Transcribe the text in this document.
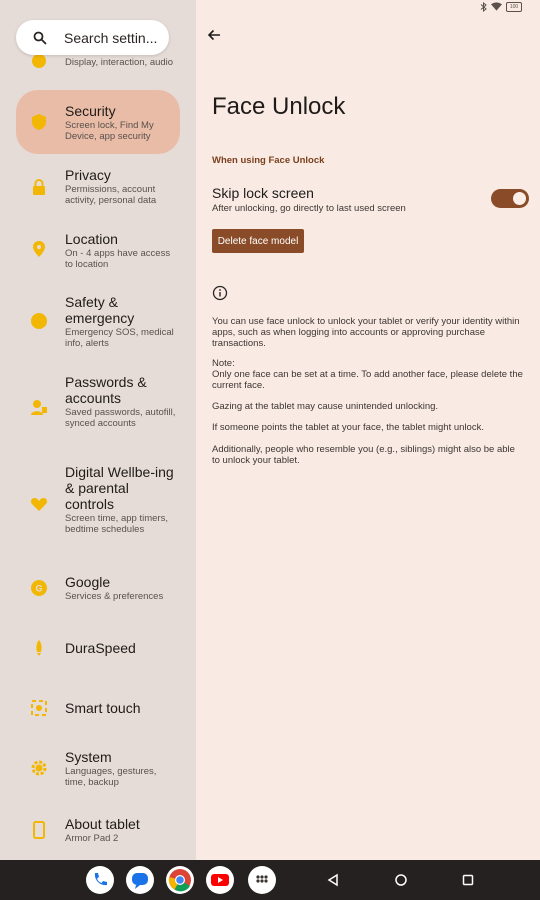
100
Display, interaction, audio
Security
Screen lock, Find My Device, app security
Privacy
Permissions, account activity, personal data
Location
On - 4 apps have access to location
Safety & emergency
Emergency SOS, medical info, alerts
Passwords & accounts
Saved passwords, autofill, synced accounts
Digital Wellbe-ing & parental controls
Screen time, app timers, bedtime schedules
G Google
Services & preferences
DuraSpeed
Smart touch
System
Languages, gestures, time, backup
About tablet
Armor Pad 2
Search settin...
Face Unlock
When using Face Unlock
Skip lock screen
After unlocking, go directly to last used screen
Delete face model
You can use face unlock to unlock your tablet or verify your identity within apps, such as when logging into accounts or approving purchase transactions.
Note:
Only one face can be set at a time. To add another face, please delete the current face.
Gazing at the tablet may cause unintended unlocking.
If someone points the tablet at your face, the tablet might unlock.
Additionally, people who resemble you (e.g., siblings) might also be able to unlock your tablet.
